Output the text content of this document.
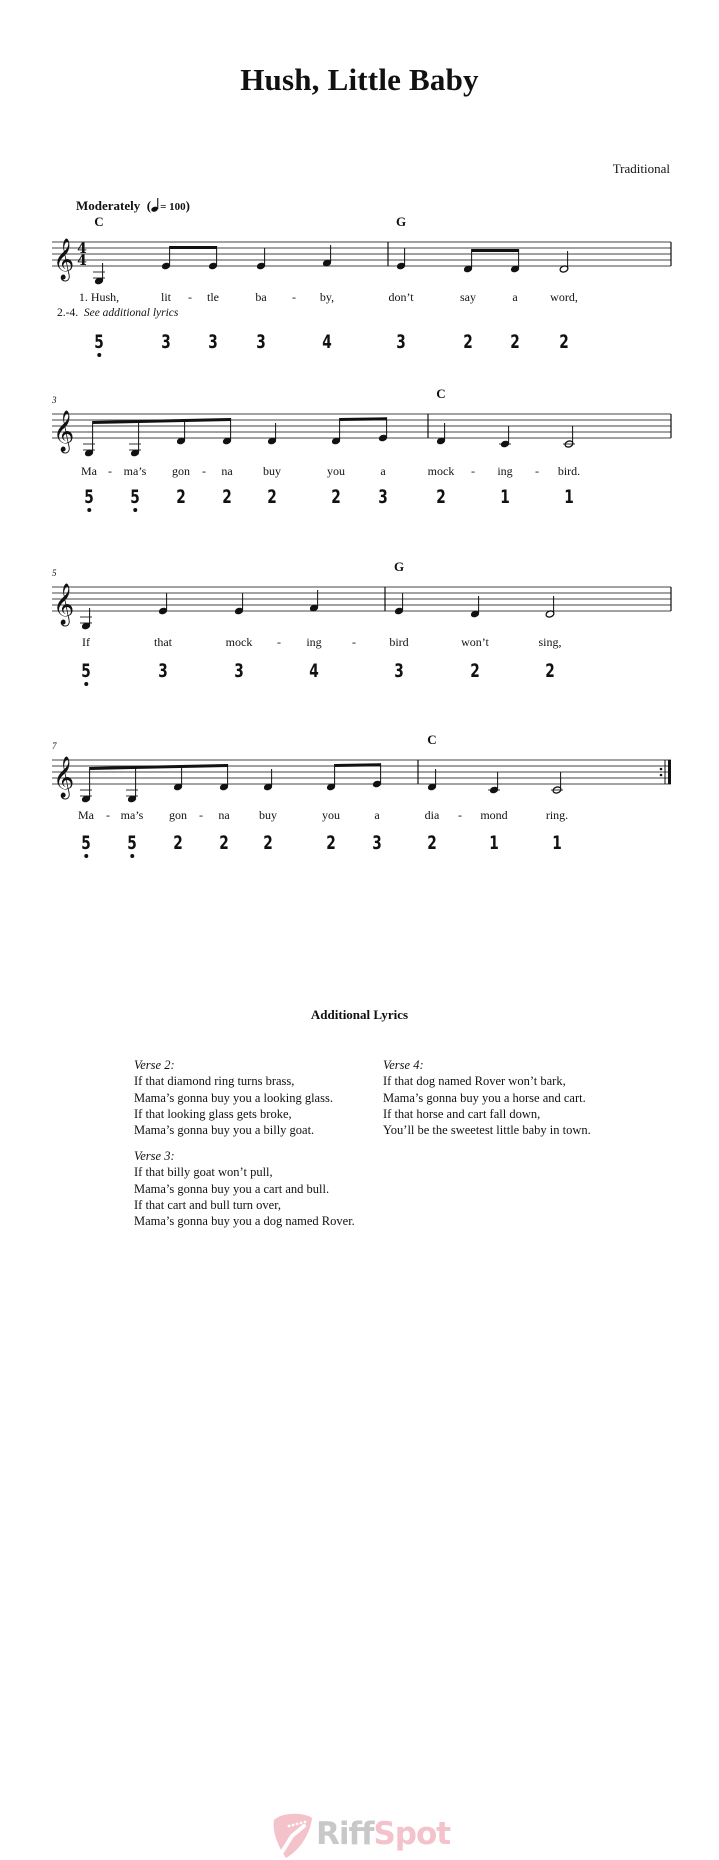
Hush, Little Baby
Traditional
Moderately  ( = 100)
𝄞 4
4
C	G
1. Hush,	lit	tle	ba	by,	don’t	say	a	word,
-	-
2.-4. See additional lyrics
5	3 3 3	4	3	2 2 2
𝄞
3	C
Ma ma’s gon	na	buy	you	a	mock	ing	bird.
-	-	-	-
5 5 2 2 2	2 3	2	1	1
𝄞
5	G
If	that	mock	ing	bird	won’t	sing,
-	-
5	3	3	4	3	2	2
𝄞
7	C
Ma ma’s gon	na buy	you	a	dia	mond	ring.
-	-	-
5 5 2 2 2	2 3 2	1	1
Additional Lyrics
Verse 2:
If that diamond ring turns brass,
Mama’s gonna buy you a looking glass.
If that looking glass gets broke,
Mama’s gonna buy you a billy goat.
Verse 3:
If that billy goat won’t pull,
Mama’s gonna buy you a cart and bull.
If that cart and bull turn over,
Mama’s gonna buy you a dog named Rover.
Verse 4:
If that dog named Rover won’t bark,
Mama’s gonna buy you a horse and cart.
If that horse and cart fall down,
You’ll be the sweetest little baby in town.
RiffSpot
